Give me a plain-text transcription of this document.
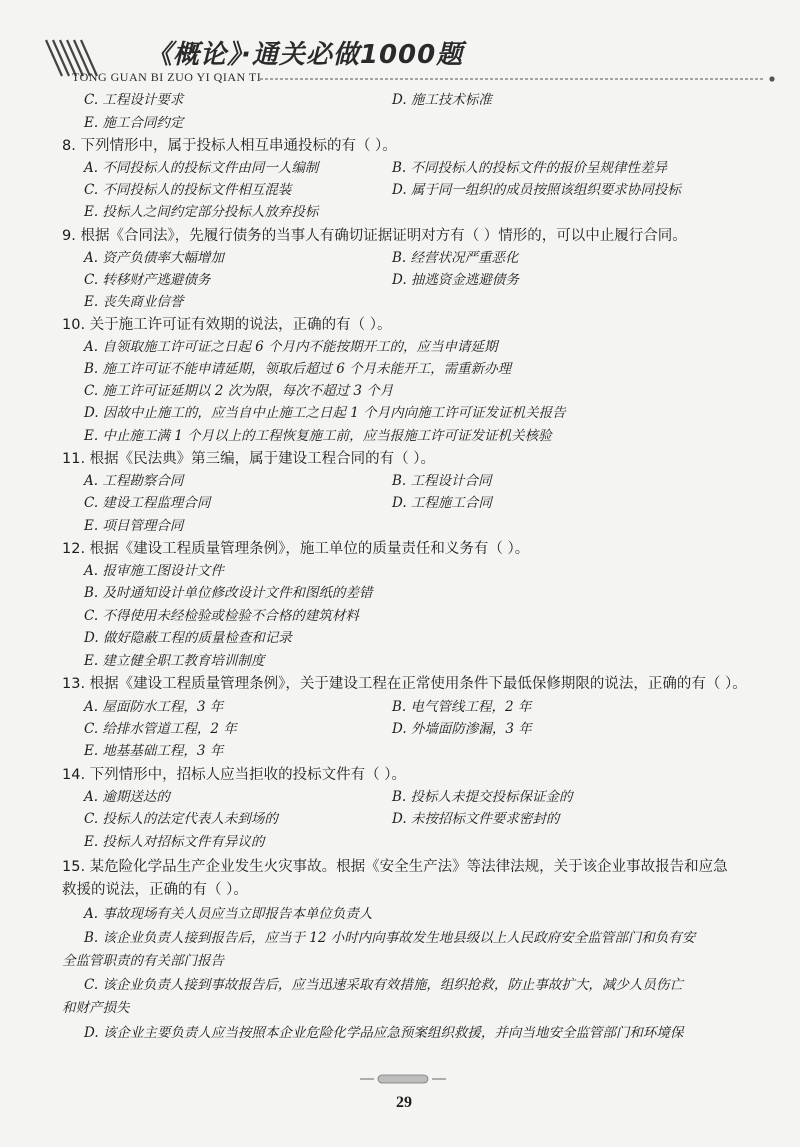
《概论》·通关必做1000题
TONG GUAN BI ZUO YI QIAN TI
C. 工程设计要求	D. 施工技术标准
E. 施工合同约定
8. 下列情形中，属于投标人相互串通投标的有（ ）。
A. 不同投标人的投标文件由同一人编制	B. 不同投标人的投标文件的报价呈规律性差异
C. 不同投标人的投标文件相互混装	D. 属于同一组织的成员按照该组织要求协同投标
E. 投标人之间约定部分投标人放弃投标
9. 根据《合同法》，先履行债务的当事人有确切证据证明对方有（ ）情形的，可以中止履行合同。
A. 资产负债率大幅增加	B. 经营状况严重恶化
C. 转移财产逃避债务	D. 抽逃资金逃避债务
E. 丧失商业信誉
10. 关于施工许可证有效期的说法，正确的有（ ）。
A. 自领取施工许可证之日起 6 个月内不能按期开工的，应当申请延期
B. 施工许可证不能申请延期，领取后超过 6 个月未能开工，需重新办理
C. 施工许可证延期以 2 次为限，每次不超过 3 个月
D. 因故中止施工的，应当自中止施工之日起 1 个月内向施工许可证发证机关报告
E. 中止施工满 1 个月以上的工程恢复施工前，应当报施工许可证发证机关核验
11. 根据《民法典》第三编，属于建设工程合同的有（ ）。
A. 工程勘察合同	B. 工程设计合同
C. 建设工程监理合同	D. 工程施工合同
E. 项目管理合同
12. 根据《建设工程质量管理条例》，施工单位的质量责任和义务有（ ）。
A. 报审施工图设计文件
B. 及时通知设计单位修改设计文件和图纸的差错
C. 不得使用未经检验或检验不合格的建筑材料
D. 做好隐蔽工程的质量检查和记录
E. 建立健全职工教育培训制度
13. 根据《建设工程质量管理条例》，关于建设工程在正常使用条件下最低保修期限的说法，正确的有（ ）。
A. 屋面防水工程，3 年	B. 电气管线工程，2 年
C. 给排水管道工程，2 年	D. 外墙面防渗漏，3 年
E. 地基基础工程，3 年
14. 下列情形中，招标人应当拒收的投标文件有（ ）。
A. 逾期送达的	B. 投标人未提交投标保证金的
C. 投标人的法定代表人未到场的	D. 未按招标文件要求密封的
E. 投标人对招标文件有异议的
15. 某危险化学品生产企业发生火灾事故。根据《安全生产法》等法律法规，关于该企业事故报告和应急
救援的说法，正确的有（ ）。
A. 事故现场有关人员应当立即报告本单位负责人
B. 该企业负责人接到报告后，应当于 12 小时内向事故发生地县级以上人民政府安全监管部门和负有安
全监管职责的有关部门报告
C. 该企业负责人接到事故报告后，应当迅速采取有效措施，组织抢救，防止事故扩大，减少人员伤亡
和财产损失
D. 该企业主要负责人应当按照本企业危险化学品应急预案组织救援，并向当地安全监管部门和环境保
29
